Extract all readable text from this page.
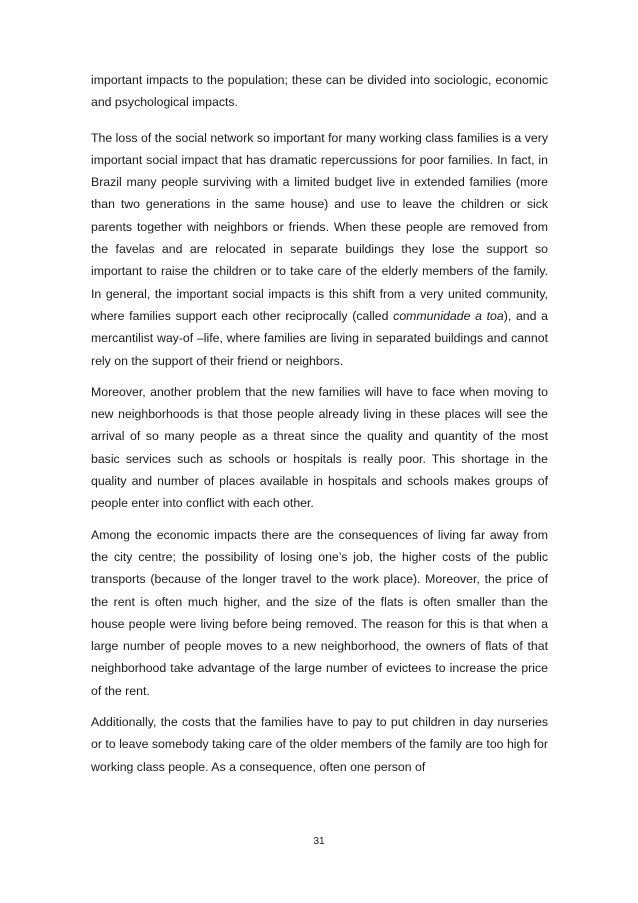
important impacts to the population; these can be divided into sociologic, economic and psychological impacts.

The loss of the social network so important for many working class families is a very important social impact that has dramatic repercussions for poor families. In fact, in Brazil many people surviving with a limited budget live in extended families (more than two generations in the same house) and use to leave the children or sick parents together with neighbors or friends. When these people are removed from the favelas and are relocated in separate buildings they lose the support so important to raise the children or to take care of the elderly members of the family. In general, the important social impacts is this shift from a very united community, where families support each other reciprocally (called communidade a toa), and a mercantilist way-of –life, where families are living in separated buildings and cannot rely on the support of their friend or neighbors.

Moreover, another problem that the new families will have to face when moving to new neighborhoods is that those people already living in these places will see the arrival of so many people as a threat since the quality and quantity of the most basic services such as schools or hospitals is really poor. This shortage in the quality and number of places available in hospitals and schools makes groups of people enter into conflict with each other.

Among the economic impacts there are the consequences of living far away from the city centre; the possibility of losing one’s job, the higher costs of the public transports (because of the longer travel to the work place). Moreover, the price of the rent is often much higher, and the size of the flats is often smaller than the house people were living before being removed. The reason for this is that when a large number of people moves to a new neighborhood, the owners of flats of that neighborhood take advantage of the large number of evictees to increase the price of the rent.

Additionally, the costs that the families have to pay to put children in day nurseries or to leave somebody taking care of the older members of the family are too high for working class people. As a consequence, often one person of

31
